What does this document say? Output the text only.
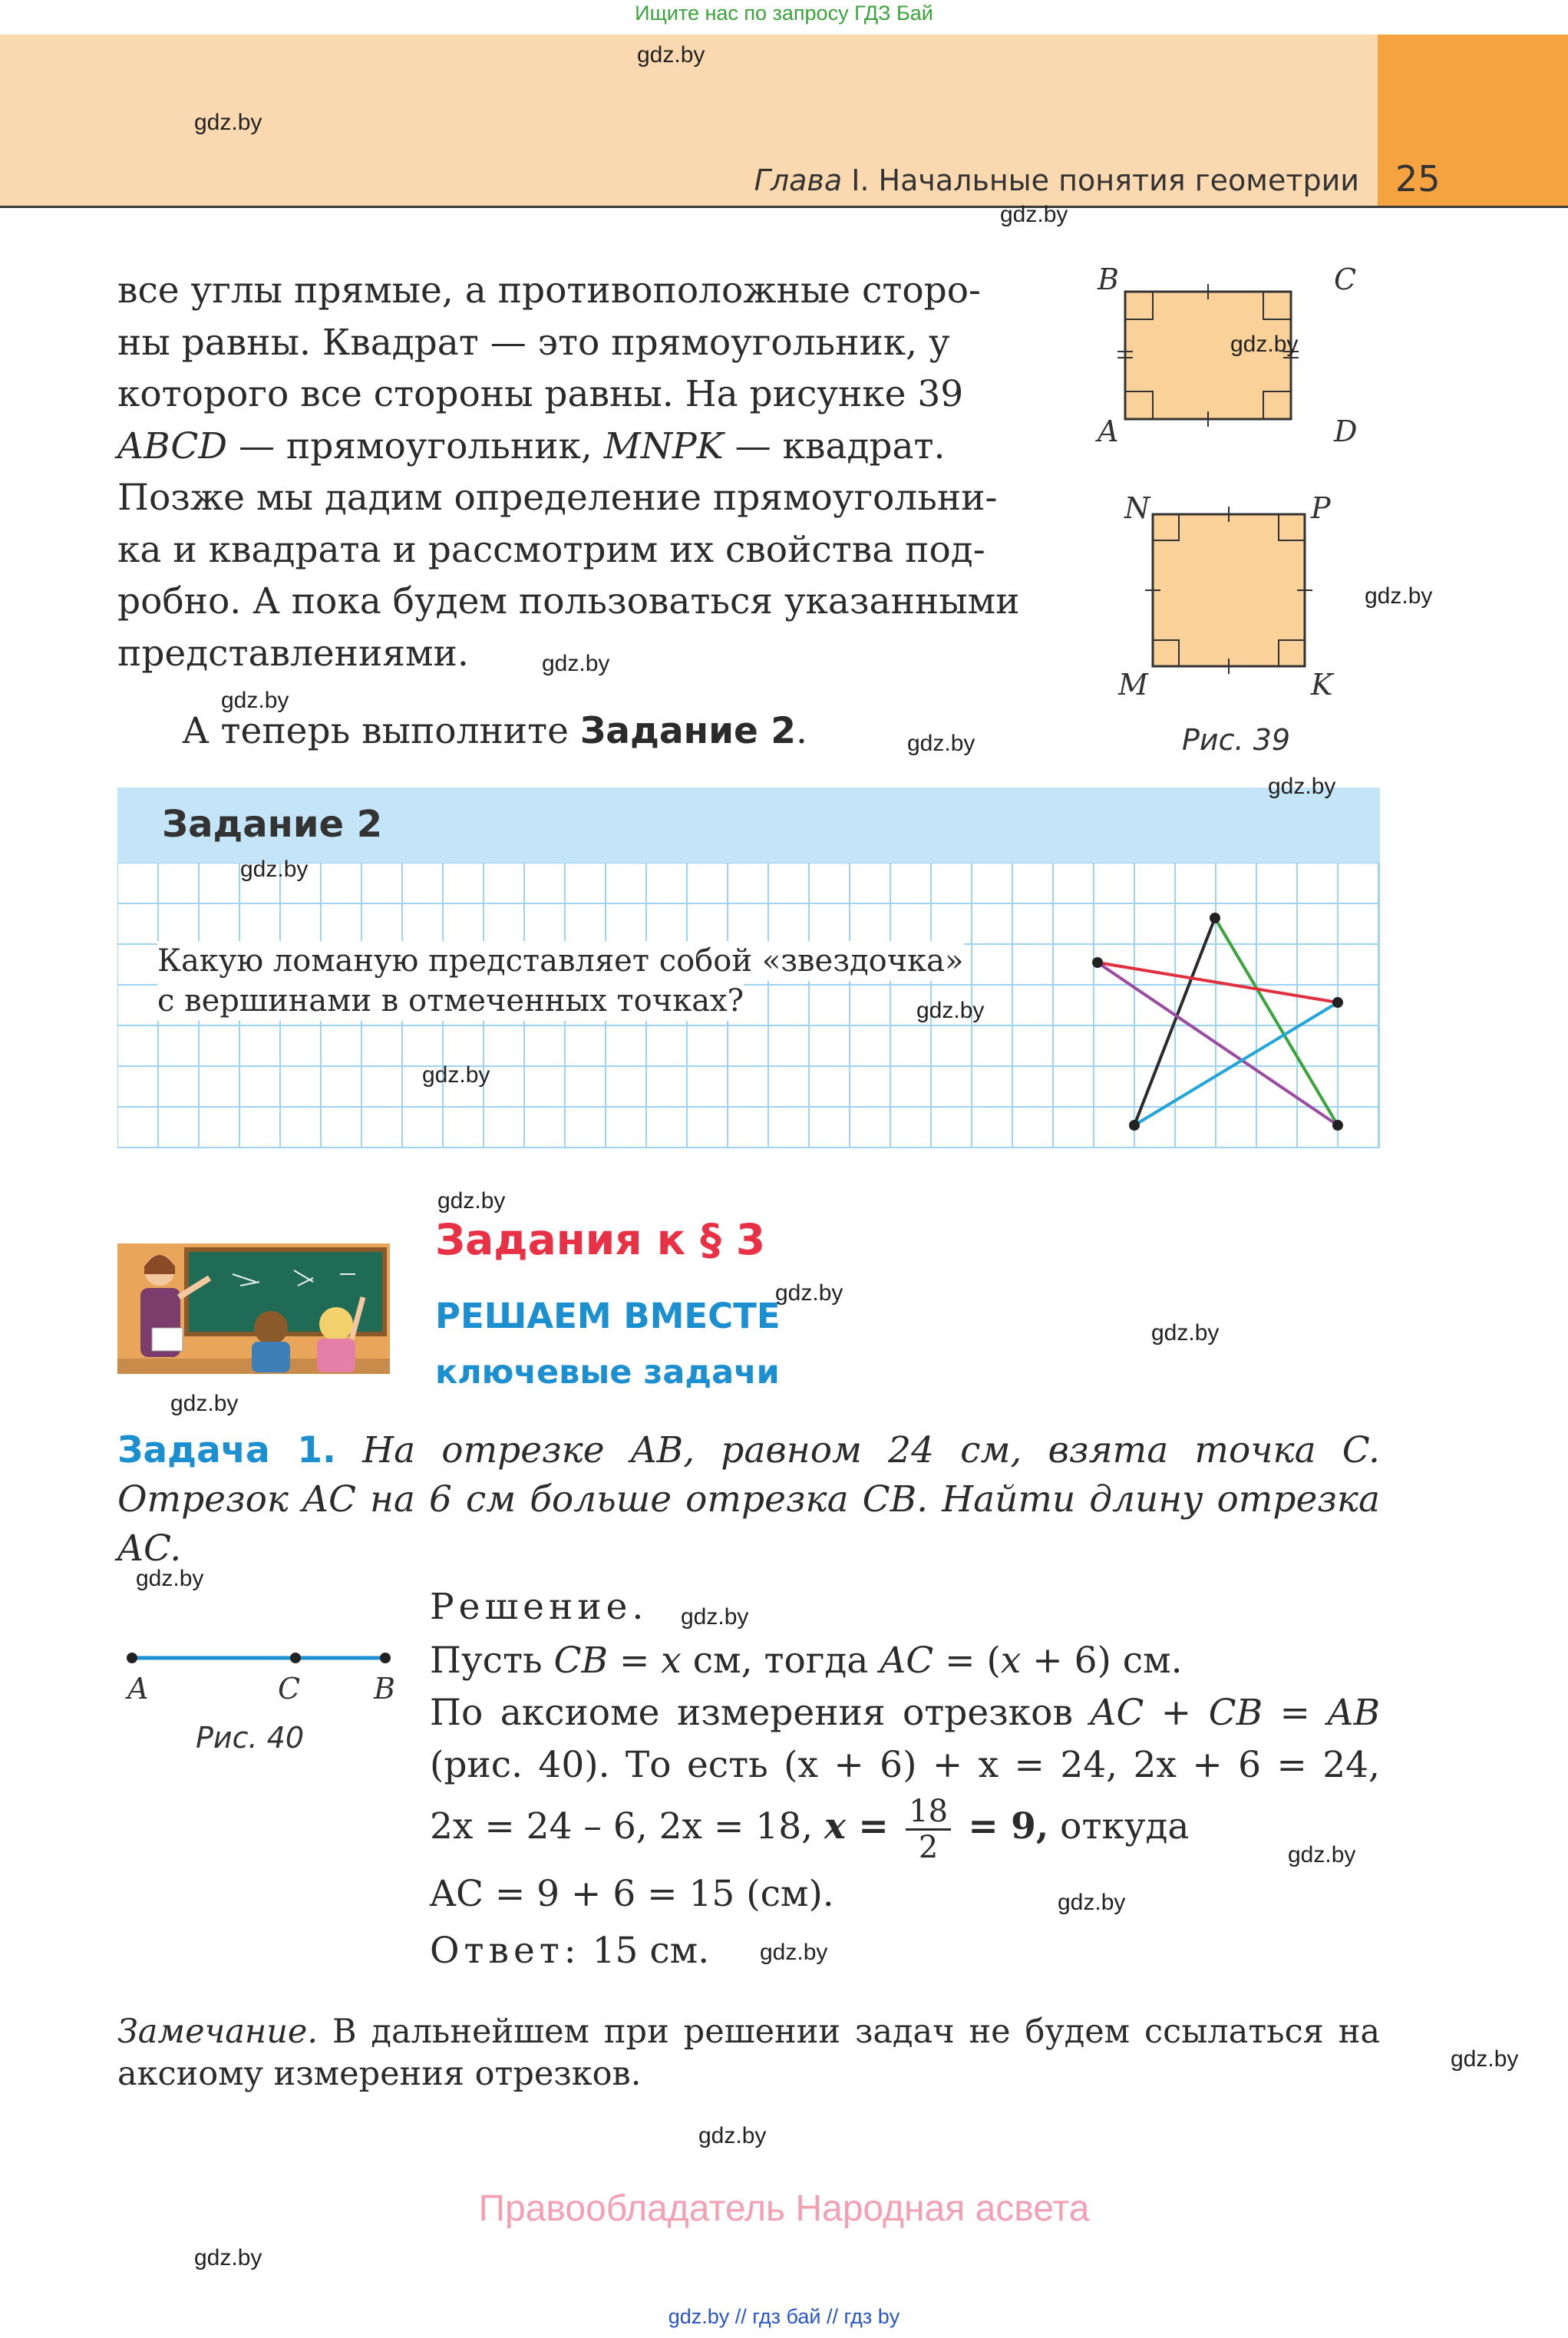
Ищите нас по запросу ГДЗ Бай
Глава I. Начальные понятия геометрии 25
все углы прямые, а противоположные сторо-
ны равны. Квадрат — это прямоугольник, у
которого все стороны равны. На рисунке 39
ABCD — прямоугольник, MNPK — квадрат.
Позже мы дадим определение прямоугольни-
ка и квадрата и рассмотрим их свойства под-
робно. А пока будем пользоваться указанными
представлениями.
А теперь выполните Задание 2.
B	C
A	D
N	P
M	K
Рис. 39
Задание 2
Какую ломаную представляет собой «звездочка»
с вершинами в отмеченных точках?
Задания к § 3
РЕШАЕМ ВМЕСТЕ
ключевые задачи
Задача 1. На отрезке AB, равном 24 см, взята точка C. Отрезок AC на 6 см больше отрезка CB. Найти длину отрезка AC.
A	C	B
Рис. 40
Решение.
Пусть CB = x см, тогда AC = (x + 6) см.
По аксиоме измерения отрезков AC + CB = AB
(рис. 40). То есть (x + 6) + x = 24, 2x + 6 = 24,
2x = 24 – 6, 2x = 18, $x = \frac{18}{2} = 9$, откуда
AC = 9 + 6 = 15 (см).
Ответ: 15 см.
Замечание. В дальнейшем при решении задач не будем ссылаться на аксиому измерения отрезков.
Правообладатель Народная асвета
gdz.by // гдз бай // гдз by
gdz.by
gdz.by
gdz.by
gdz.by
gdz.by
gdz.by
gdz.by
gdz.by
gdz.by
gdz.by
gdz.by
gdz.by
gdz.by
gdz.by
gdz.by
gdz.by
gdz.by
gdz.by
gdz.by
gdz.by
gdz.by
gdz.by
gdz.by
gdz.by
